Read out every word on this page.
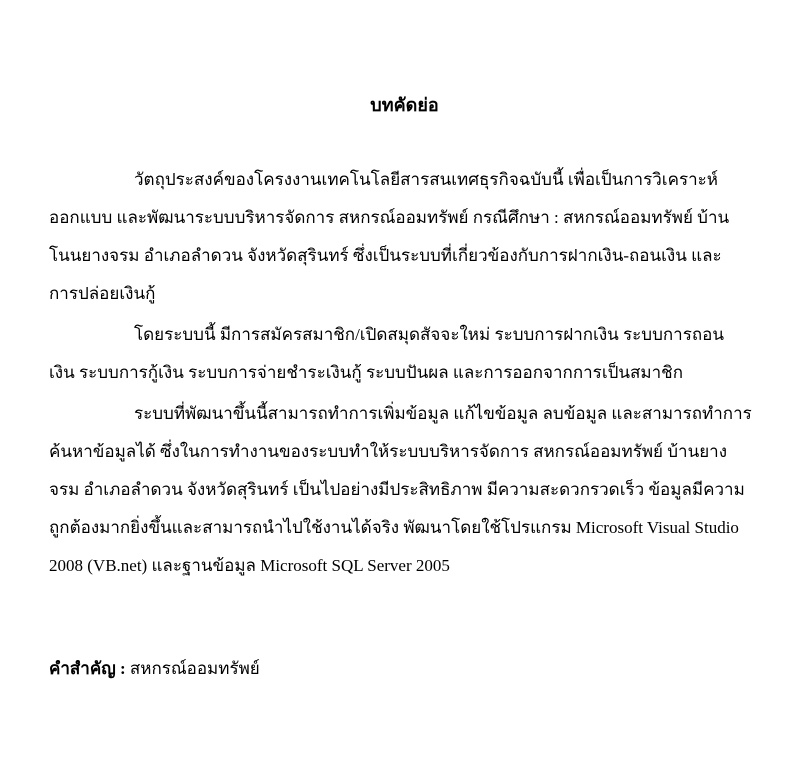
บทคัดย่อ
วัตถุประสงค์ของโครงงานเทคโนโลยีสารสนเทศธุรกิจฉบับนี้ เพื่อเป็นการวิเคราะห์
ออกแบบ และพัฒนาระบบบริหารจัดการ สหกรณ์ออมทรัพย์ กรณีศึกษา : สหกรณ์ออมทรัพย์ บ้าน
โนนยางจรม อำเภอลำดวน จังหวัดสุรินทร์ ซึ่งเป็นระบบที่เกี่ยวข้องกับการฝากเงิน-ถอนเงิน และ
การปล่อยเงินกู้
โดยระบบนี้ มีการสมัครสมาชิก/เปิดสมุดสัจจะใหม่ ระบบการฝากเงิน ระบบการถอน
เงิน ระบบการกู้เงิน ระบบการจ่ายชำระเงินกู้ ระบบปันผล และการออกจากการเป็นสมาชิก
ระบบที่พัฒนาขึ้นนี้สามารถทำการเพิ่มข้อมูล แก้ไขข้อมูล ลบข้อมูล และสามารถทำการ
ค้นหาข้อมูลได้ ซึ่งในการทำงานของระบบทำให้ระบบบริหารจัดการ สหกรณ์ออมทรัพย์ บ้านยาง
จรม อำเภอลำดวน จังหวัดสุรินทร์ เป็นไปอย่างมีประสิทธิภาพ มีความสะดวกรวดเร็ว ข้อมูลมีความ
ถูกต้องมากยิ่งขึ้นและสามารถนำไปใช้งานได้จริง พัฒนาโดยใช้โปรแกรม Microsoft Visual Studio
2008 (VB.net) และฐานข้อมูล Microsoft SQL Server 2005
คำสำคัญ : สหกรณ์ออมทรัพย์
